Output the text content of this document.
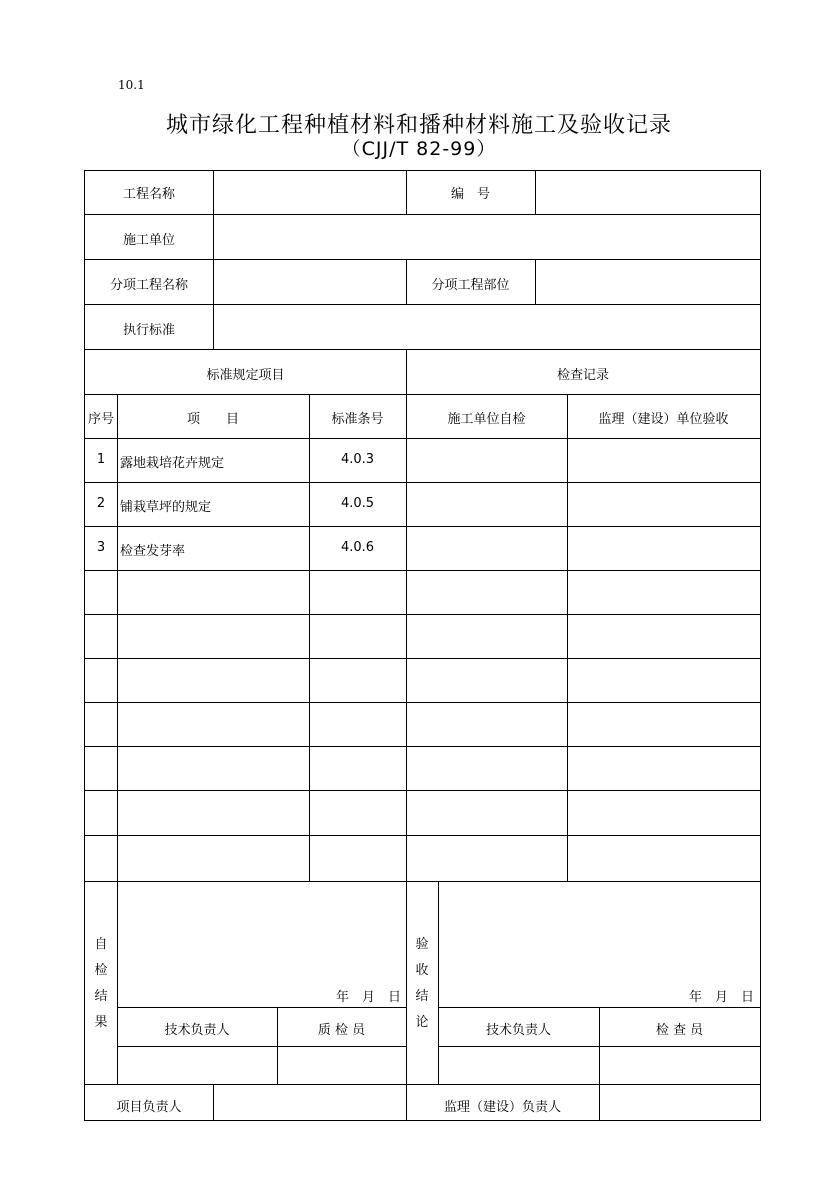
10.1
城市绿化工程种植材料和播种材料施工及验收记录
（CJJ/T 82-99）
工程名称	编　号
施工单位
分项工程名称	分项工程部位
执行标准
标准规定项目	检查记录
序号	项　　目	标准条号	施工单位自检	监理（建设）单位验收
1	露地栽培花卉规定	4.0.3
2	铺栽草坪的规定	4.0.5
3	检查发芽率	4.0.6
自
检
结
果
验
收
结
论
年　月　日	年　月　日
技术负责人	质 检 员	技术负责人	检 查 员
项目负责人	监理（建设）负责人
